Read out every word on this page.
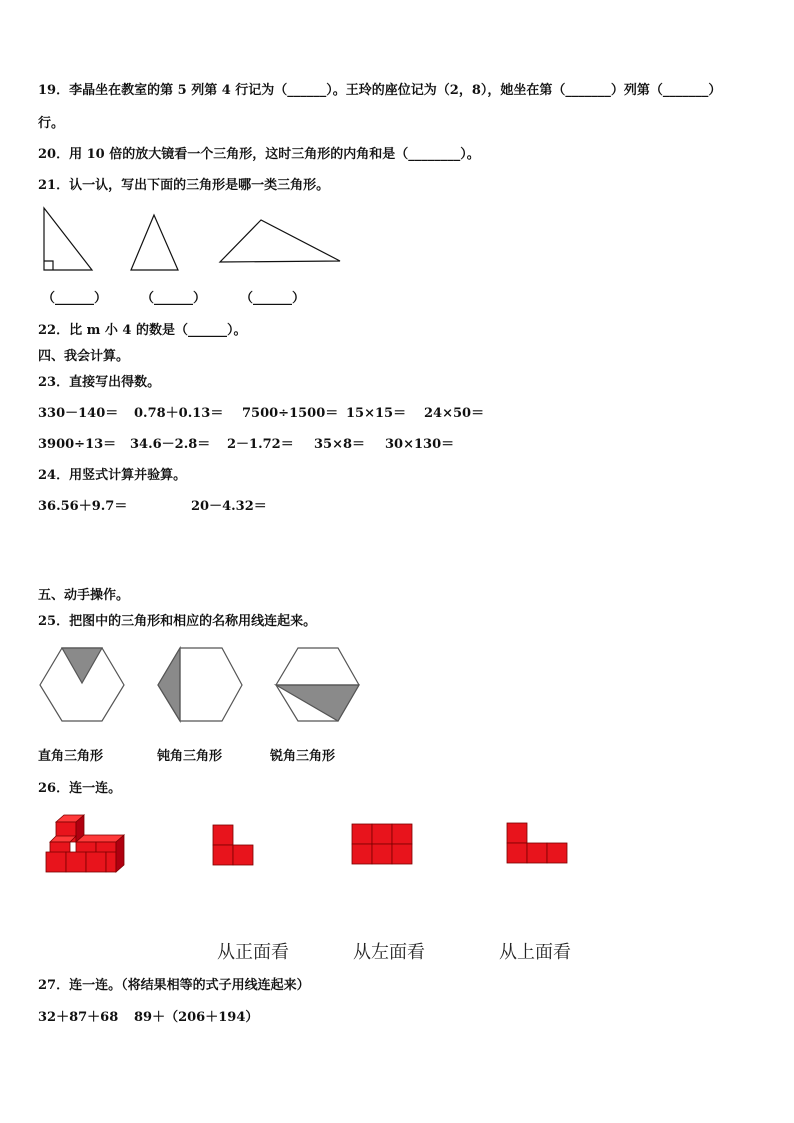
19．李晶坐在教室的第 5 列第 4 行记为（______）。王玲的座位记为（2，8），她坐在第（_______）列第（_______）
行。
20．用 10 倍的放大镜看一个三角形，这时三角形的内角和是（________）。
21．认一认，写出下面的三角形是哪一类三角形。
（______）	（______）	（______）
22．比 m 小 4 的数是（______）。
四、我会计算。
23．直接写出得数。
330－140＝ 0.78＋0.13＝ 7500÷1500＝ 15×15＝ 24×50＝
3900÷13＝ 34.6－2.8＝ 2－1.72＝ 35×8＝ 30×130＝
24．用竖式计算并验算。
36.56＋9.7＝	20－4.32＝
五、动手操作。
25．把图中的三角形和相应的名称用线连起来。
直角三角形	钝角三角形	锐角三角形
26．连一连。
从正面看	从左面看	从上面看
27．连一连。（将结果相等的式子用线连起来）
32＋87＋68 89＋（206＋194）
